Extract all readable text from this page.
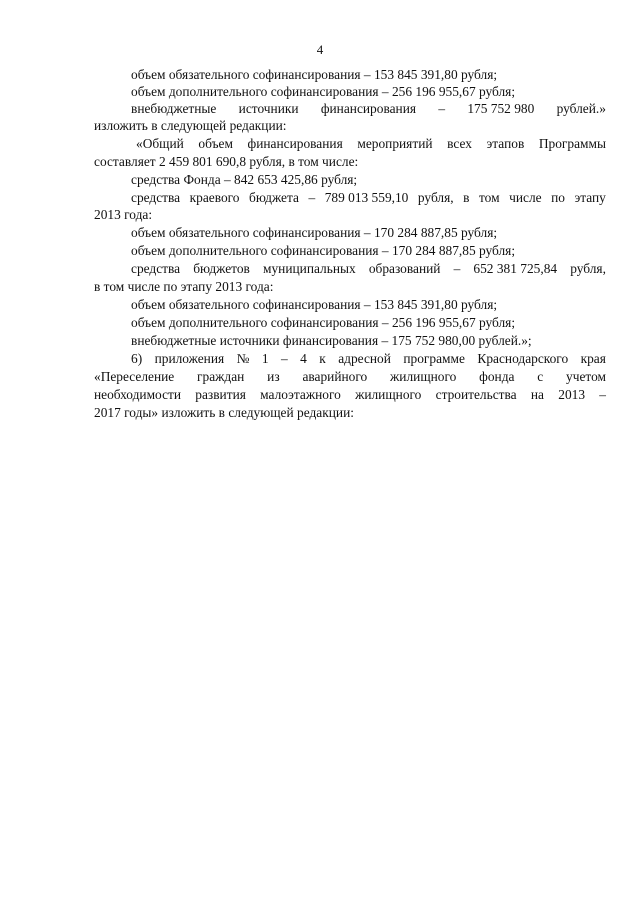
4
объем обязательного софинансирования – 153 845 391,80 рубля;
объем дополнительного софинансирования – 256 196 955,67 рубля;
внебюджетные источники финансирования – 175 752 980 рублей.»
изложить в следующей редакции:
«Общий объем финансирования мероприятий всех этапов Программы
составляет 2 459 801 690,8 рубля, в том числе:
средства Фонда – 842 653 425,86 рубля;
средства краевого бюджета – 789 013 559,10 рубля, в том числе по этапу
2013 года:
объем обязательного софинансирования – 170 284 887,85 рубля;
объем дополнительного софинансирования – 170 284 887,85 рубля;
средства бюджетов муниципальных образований – 652 381 725,84 рубля,
в том числе по этапу 2013 года:
объем обязательного софинансирования – 153 845 391,80 рубля;
объем дополнительного софинансирования – 256 196 955,67 рубля;
внебюджетные источники финансирования – 175 752 980,00 рублей.»;
6) приложения № 1 – 4 к адресной программе Краснодарского края
«Переселение граждан из аварийного жилищного фонда с учетом
необходимости развития малоэтажного жилищного строительства на 2013 –
2017 годы» изложить в следующей редакции:
